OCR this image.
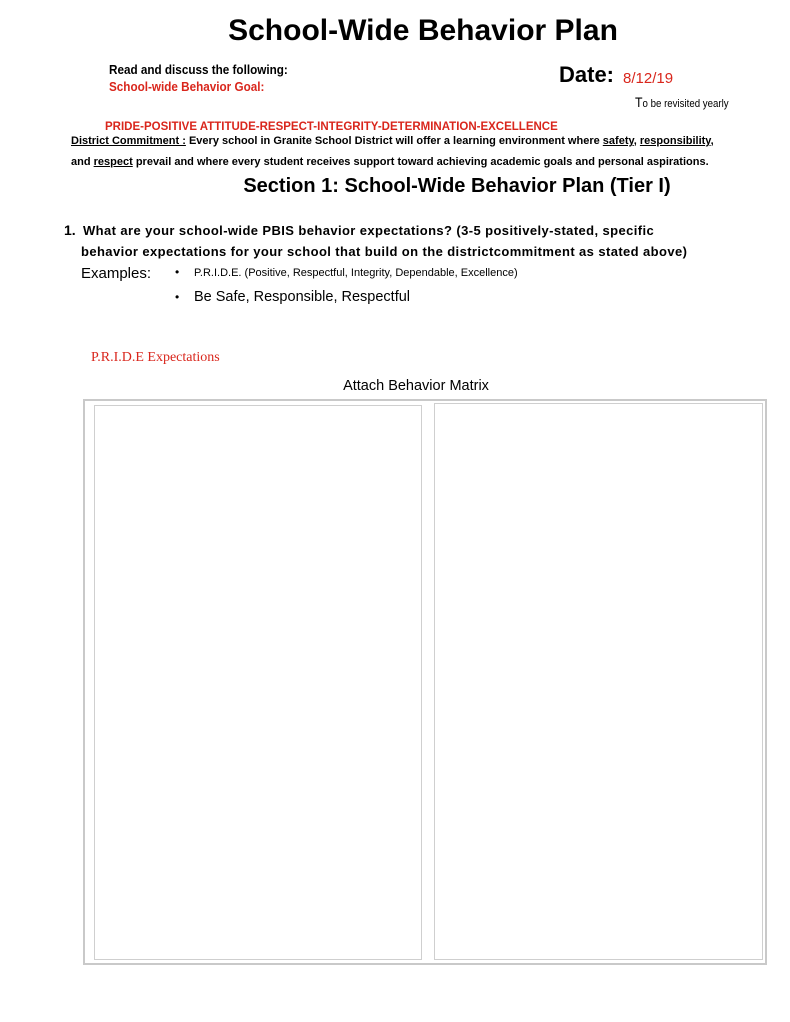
School-Wide Behavior Plan
Read and discuss the following:
School-wide Behavior Goal:	Date: 8/12/19
To be revisited yearly
PRIDE-POSITIVE ATTITUDE-RESPECT-INTEGRITY-DETERMINATION-EXCELLENCE
District Commitment : Every school in Granite School District will offer a learning environment where safety, responsibility,
and respect prevail and where every student receives support toward achieving academic goals and personal aspirations.
Section 1: School-Wide Behavior Plan (Tier I)
1. What are your school-wide PBIS behavior expectations? (3-5 positively-stated, specific
behavior expectations for your school that build on the districtcommitment as stated above)
Examples: • P.R.I.D.E. (Positive, Respectful, Integrity, Dependable, Excellence)
• Be Safe, Responsible, Respectful
P.R.I.D.E Expectations
Attach Behavior Matrix
